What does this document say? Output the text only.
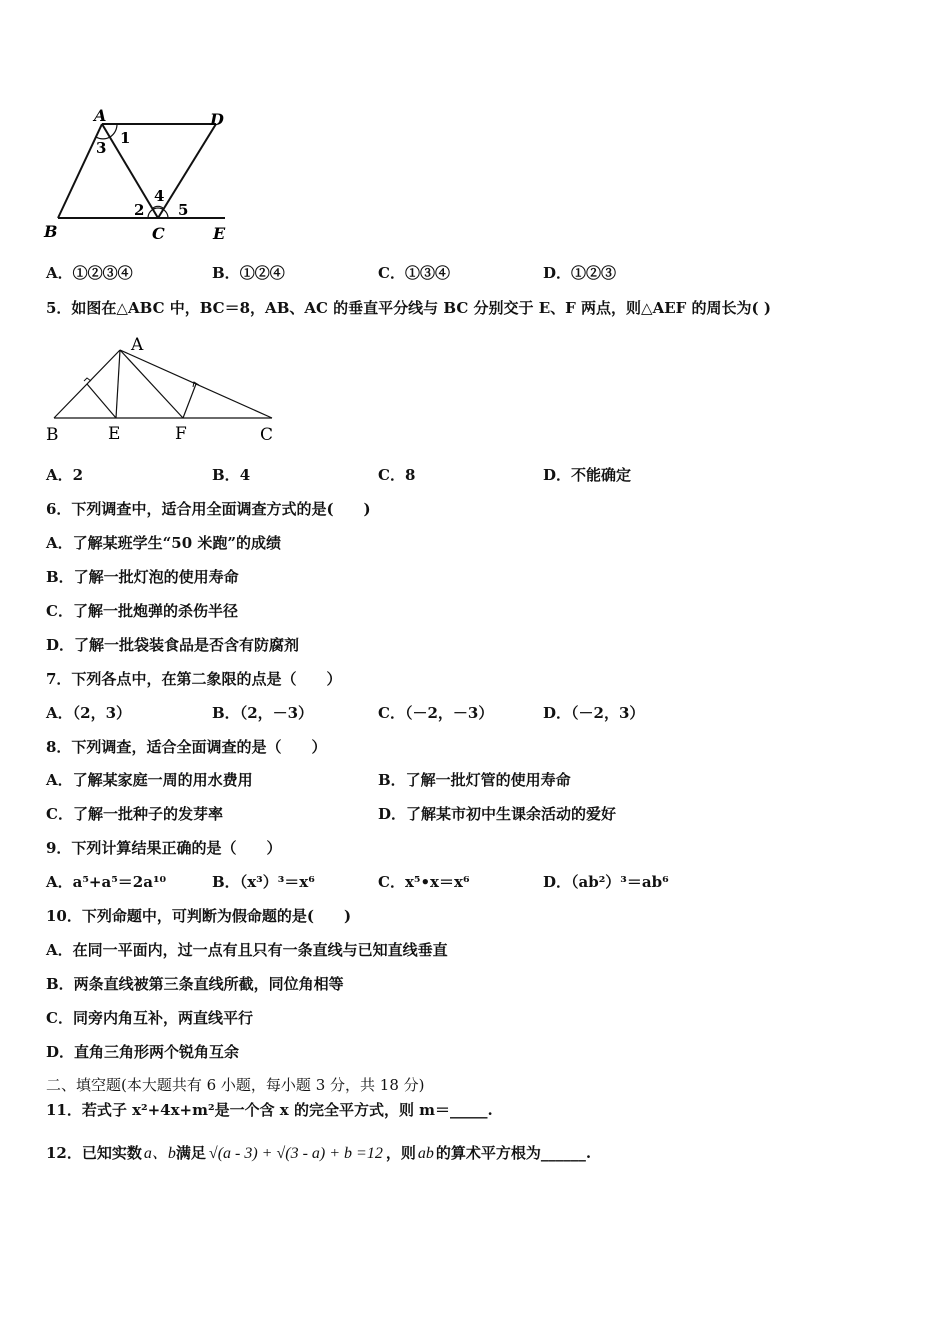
A	D
B	C	E
1
2
3
4
5
A．①②③④	B．①②④	C．①③④	D．①②③
5．如图在△ABC 中，BC＝8，AB、AC 的垂直平分线与 BC 分别交于 E、F 两点，则△AEF 的周长为( )
A
B	E	F	C
A．2	B．4	C．8	D．不能确定
6．下列调查中，适合用全面调查方式的是(　　)
A．了解某班学生“50 米跑”的成绩
B．了解一批灯泡的使用寿命
C．了解一批炮弹的杀伤半径
D．了解一批袋装食品是否含有防腐剂
7．下列各点中，在第二象限的点是（　　）
A．（2，3）	B．（2，－3）	C．（－2，－3）	D．（－2，3）
8．下列调查，适合全面调查的是（　　）
A．了解某家庭一周的用水费用	B．了解一批灯管的使用寿命
C．了解一批种子的发芽率	D．了解某市初中生课余活动的爱好
9．下列计算结果正确的是（　　）
A．a⁵+a⁵＝2a¹⁰	B．（x³）³＝x⁶	C．x⁵•x＝x⁶	D．（ab²）³＝ab⁶
10．下列命题中，可判断为假命题的是(　　)
A．在同一平面内，过一点有且只有一条直线与已知直线垂直
B．两条直线被第三条直线所截，同位角相等
C．同旁内角互补，两直线平行
D．直角三角形两个锐角互余
二、填空题(本大题共有 6 小题，每小题 3 分，共 18 分)
11．若式子 x²+4x+m²是一个含 x 的完全平方式，则 m＝_____.
12．已知实数 a、b满足 √(a - 3) + √(3 - a) + b =12 ，则 ab 的算术平方根为______.
